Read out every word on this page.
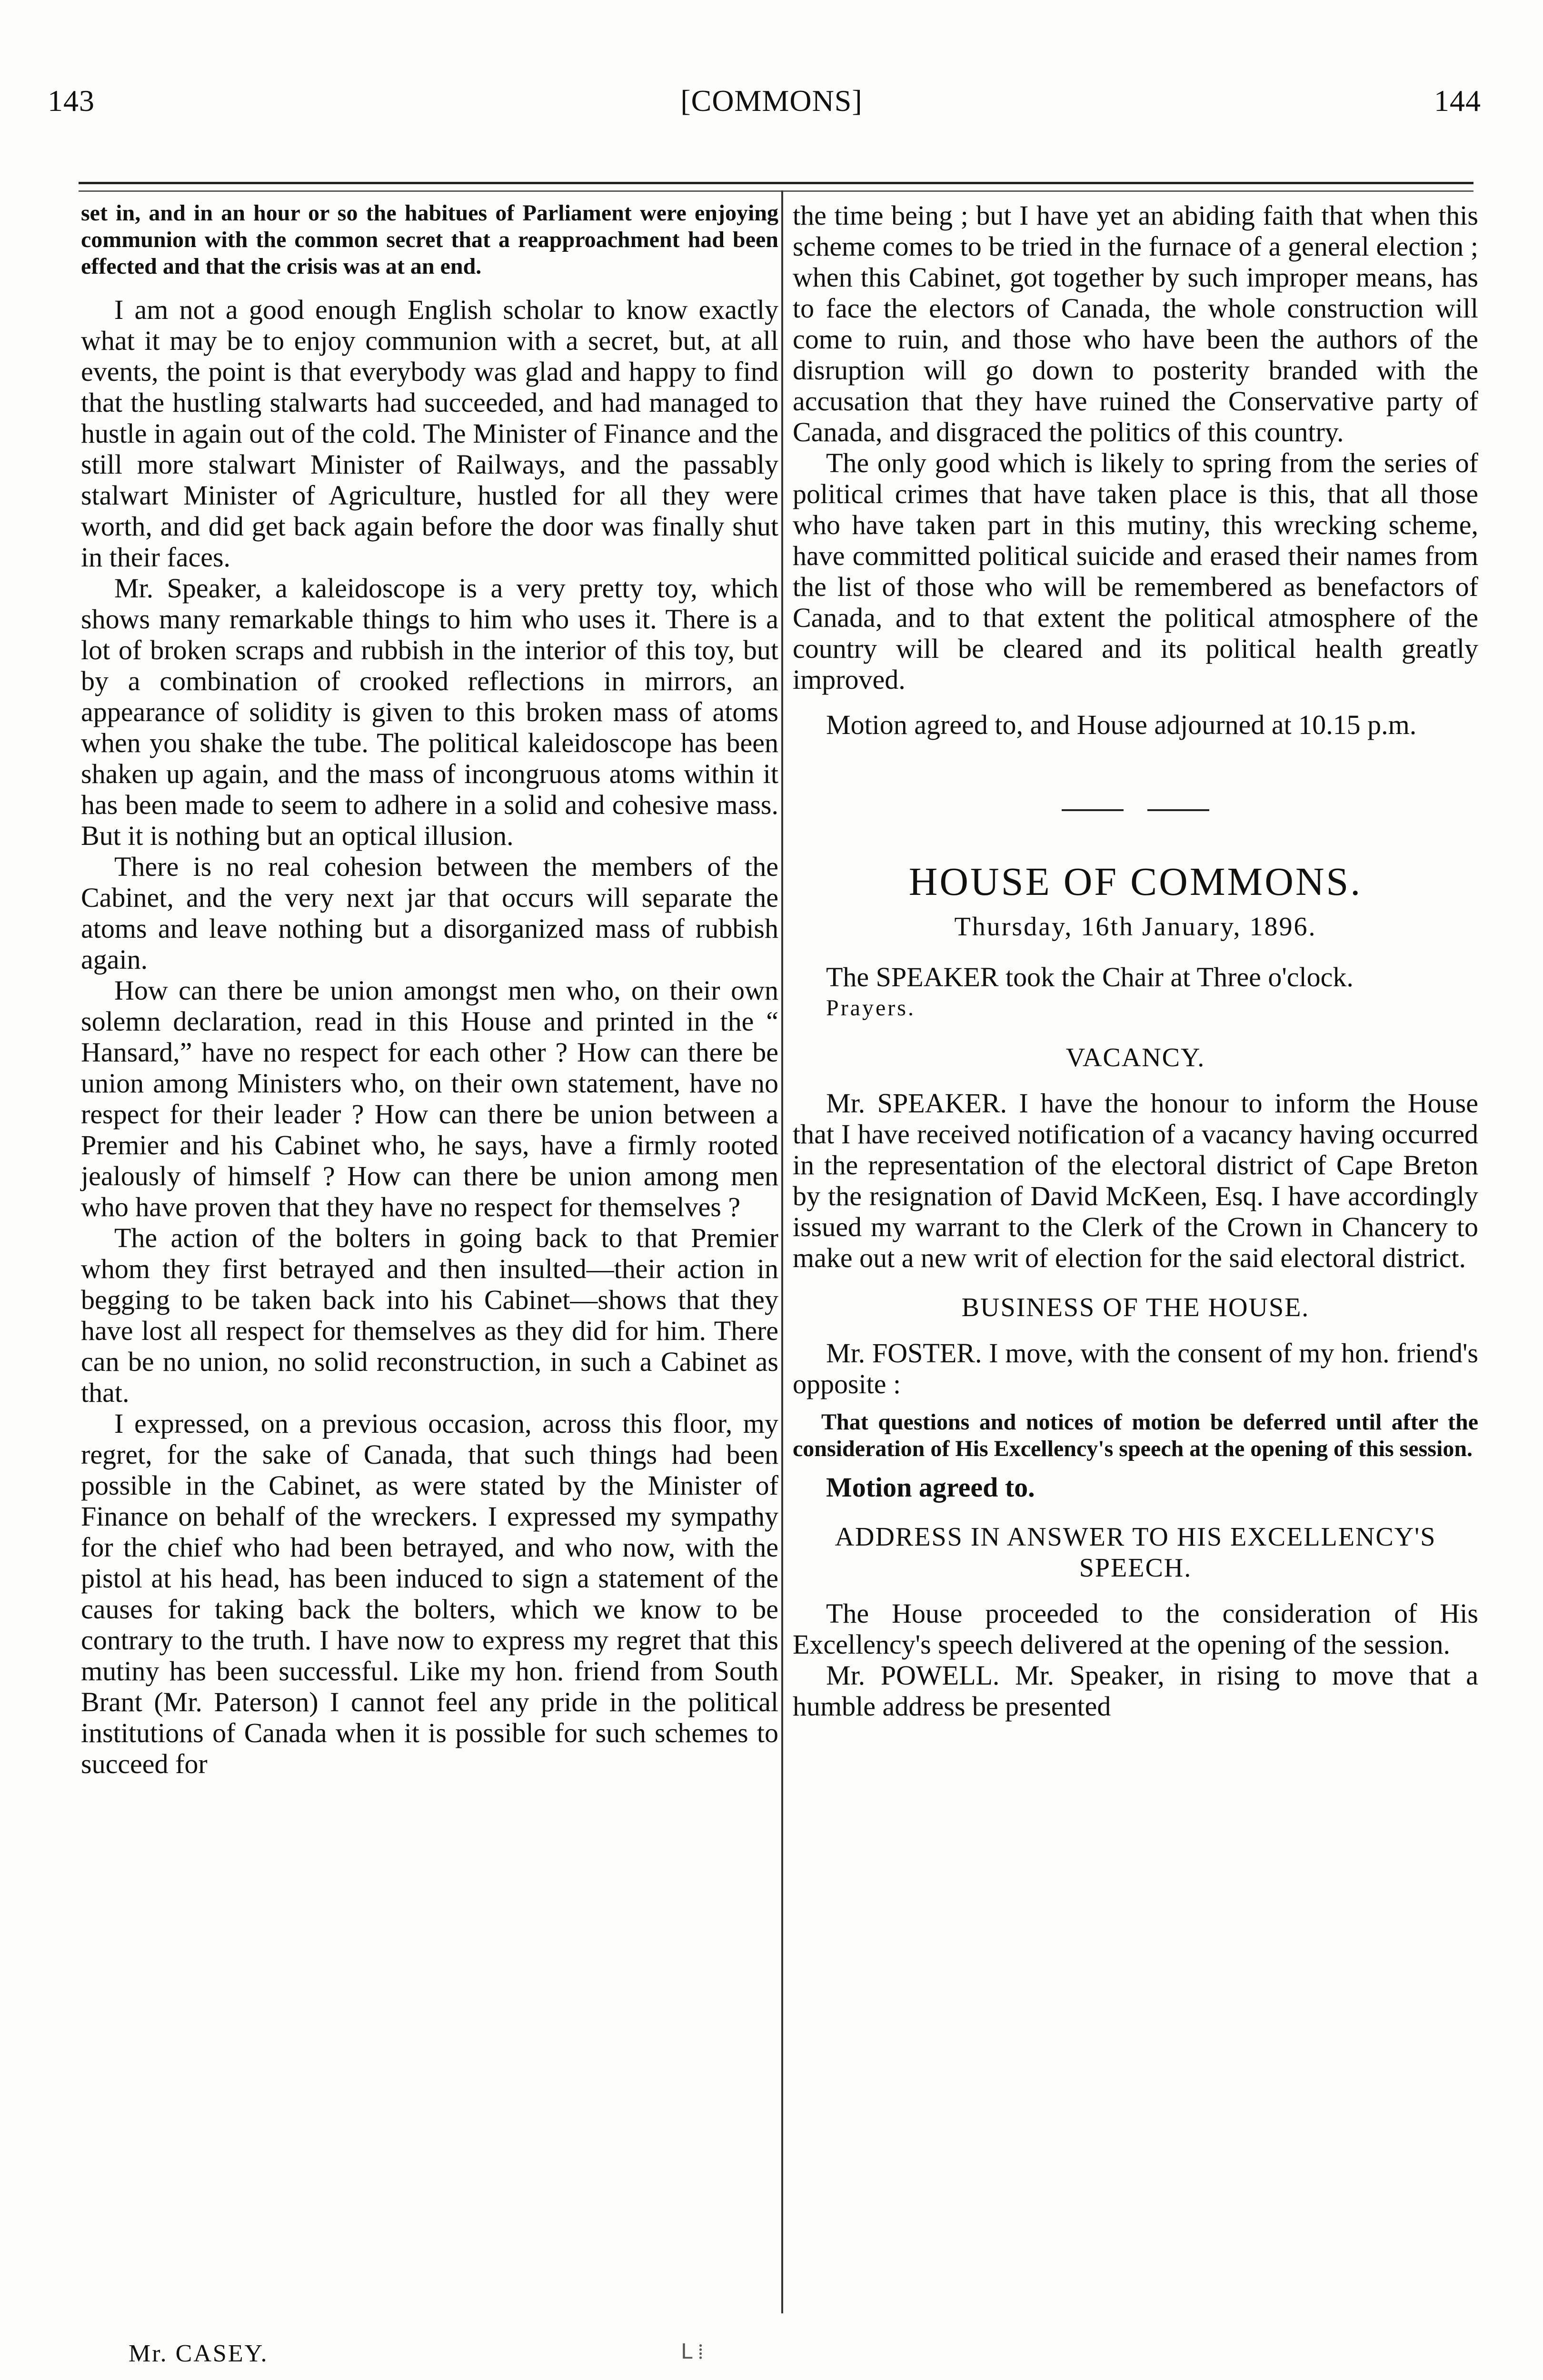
143	[COMMONS]	144

set in, and in an hour or so the habitues of Parliament were enjoying communion with the common secret that a reapproachment had been effected and that the crisis was at an end.

I am not a good enough English scholar to know exactly what it may be to enjoy communion with a secret, but, at all events, the point is that everybody was glad and happy to find that the hustling stalwarts had succeeded, and had managed to hustle in again out of the cold. The Minister of Finance and the still more stalwart Minister of Railways, and the passably stalwart Minister of Agriculture, hustled for all they were worth, and did get back again before the door was finally shut in their faces.

Mr. Speaker, a kaleidoscope is a very pretty toy, which shows many remarkable things to him who uses it. There is a lot of broken scraps and rubbish in the interior of this toy, but by a combination of crooked reflections in mirrors, an appearance of solidity is given to this broken mass of atoms when you shake the tube. The political kaleidoscope has been shaken up again, and the mass of incongruous atoms within it has been made to seem to adhere in a solid and cohesive mass. But it is nothing but an optical illusion.

There is no real cohesion between the members of the Cabinet, and the very next jar that occurs will separate the atoms and leave nothing but a disorganized mass of rubbish again.

How can there be union amongst men who, on their own solemn declaration, read in this House and printed in the “ Hansard,” have no respect for each other ? How can there be union among Ministers who, on their own statement, have no respect for their leader ? How can there be union between a Premier and his Cabinet who, he says, have a firmly rooted jealously of himself ? How can there be union among men who have proven that they have no respect for themselves ?

The action of the bolters in going back to that Premier whom they first betrayed and then insulted—their action in begging to be taken back into his Cabinet—shows that they have lost all respect for themselves as they did for him. There can be no union, no solid reconstruction, in such a Cabinet as that.

I expressed, on a previous occasion, across this floor, my regret, for the sake of Canada, that such things had been possible in the Cabinet, as were stated by the Minister of Finance on behalf of the wreckers. I expressed my sympathy for the chief who had been betrayed, and who now, with the pistol at his head, has been induced to sign a statement of the causes for taking back the bolters, which we know to be contrary to the truth. I have now to express my regret that this mutiny has been successful. Like my hon. friend from South Brant (Mr. Paterson) I cannot feel any pride in the political institutions of Canada when it is possible for such schemes to succeed for

the time being ; but I have yet an abiding faith that when this scheme comes to be tried in the furnace of a general election ; when this Cabinet, got together by such improper means, has to face the electors of Canada, the whole construction will come to ruin, and those who have been the authors of the disruption will go down to posterity branded with the accusation that they have ruined the Conservative party of Canada, and disgraced the politics of this country.

The only good which is likely to spring from the series of political crimes that have taken place is this, that all those who have taken part in this mutiny, this wrecking scheme, have committed political suicide and erased their names from the list of those who will be remembered as benefactors of Canada, and to that extent the political atmosphere of the country will be cleared and its political health greatly improved.

Motion agreed to, and House adjourned at 10.15 p.m.

HOUSE OF COMMONS.
Thursday, 16th January, 1896.

The SPEAKER took the Chair at Three o'clock.

Prayers.

VACANCY.

Mr. SPEAKER. I have the honour to inform the House that I have received notification of a vacancy having occurred in the representation of the electoral district of Cape Breton by the resignation of David McKeen, Esq. I have accordingly issued my warrant to the Clerk of the Crown in Chancery to make out a new writ of election for the said electoral district.

BUSINESS OF THE HOUSE.

Mr. FOSTER. I move, with the consent of my hon. friend's opposite :

That questions and notices of motion be deferred until after the consideration of His Excellency's speech at the opening of this session.

Motion agreed to.

ADDRESS IN ANSWER TO HIS EXCELLENCY'S SPEECH.

The House proceeded to the consideration of His Excellency's speech delivered at the opening of the session.

Mr. POWELL. Mr. Speaker, in rising to move that a humble address be presented

Mr. CASEY.	ᒪ ⁞
